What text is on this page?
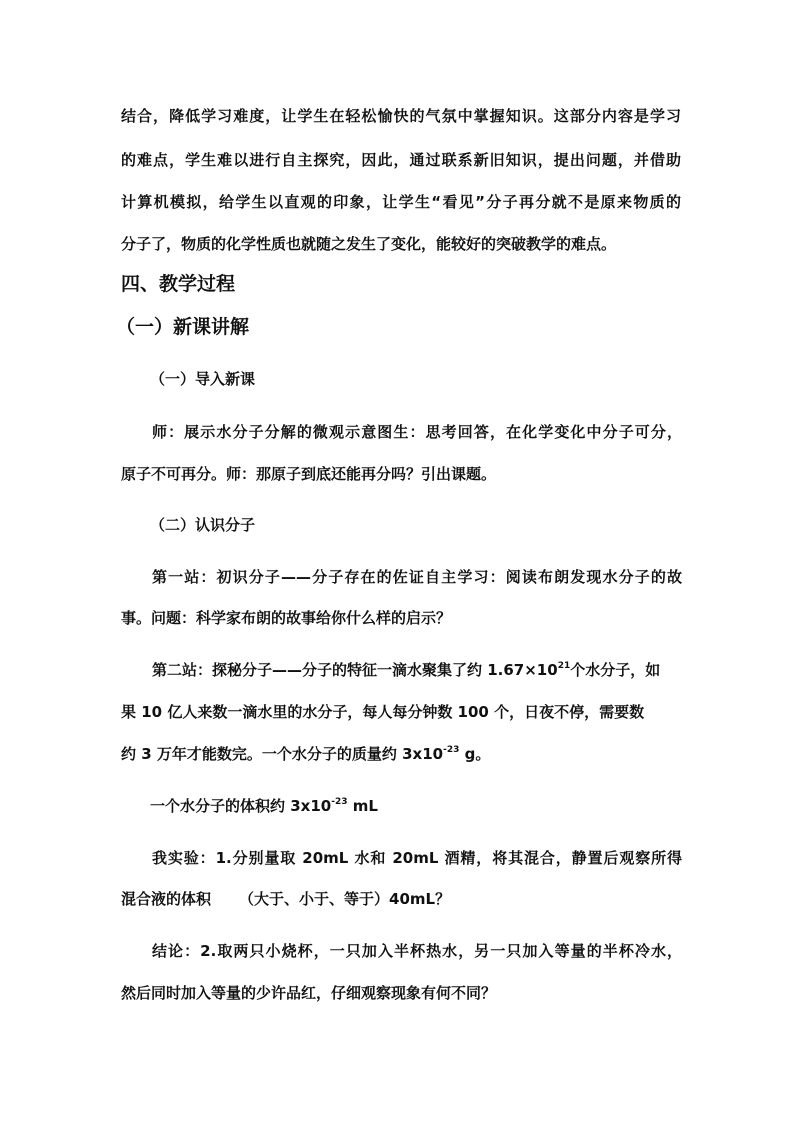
结合，降低学习难度，让学生在轻松愉快的气氛中掌握知识。这部分内容是学习
的难点，学生难以进行自主探究，因此，通过联系新旧知识，提出问题，并借助
计算机模拟，给学生以直观的印象，让学生“看见”分子再分就不是原来物质的
分子了，物质的化学性质也就随之发生了变化，能较好的突破教学的难点。
四、教学过程
（一）新课讲解
（一）导入新课
师：展示水分子分解的微观示意图生：思考回答，在化学变化中分子可分，
原子不可再分。师：那原子到底还能再分吗？引出课题。
（二）认识分子
第一站：初识分子——分子存在的佐证自主学习：阅读布朗发现水分子的故
事。问题：科学家布朗的故事给你什么样的启示？
第二站：探秘分子——分子的特征一滴水聚集了约 $1.67\times 10^{21}$个水分子，如
果 10 亿人来数一滴水里的水分子，每人每分钟数 100 个，日夜不停，需要数
约 3 万年才能数完。一个水分子的质量约 $3x10^{-23}$ g。
一个水分子的体积约 $3x10^{-23}$ mL
我实验：1.分别量取 20mL 水和 20mL 酒精，将其混合，静置后观察所得
混合液的体积 （大于、小于、等于）40mL？
结论：2.取两只小烧杯，一只加入半杯热水，另一只加入等量的半杯冷水，
然后同时加入等量的少许品红，仔细观察现象有何不同？
